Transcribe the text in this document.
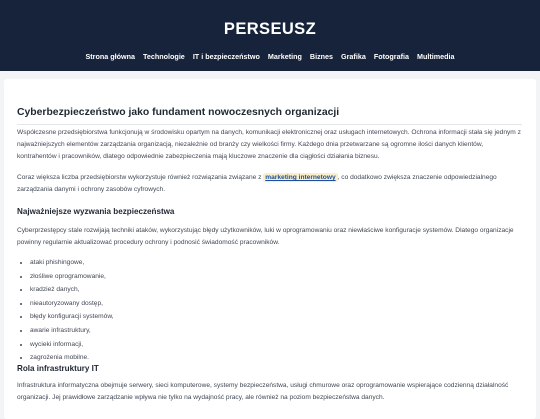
PERSEUSZ
Strona główna Technologie IT i bezpieczeństwo Marketing Biznes Grafika Fotografia Multimedia
Cyberbezpieczeństwo jako fundament nowoczesnych organizacji

Współczesne przedsiębiorstwa funkcjonują w środowisku opartym na danych, komunikacji elektronicznej oraz usługach internetowych. Ochrona informacji stała się jednym z najważniejszych elementów zarządzania organizacją, niezależnie od branży czy wielkości firmy. Każdego dnia przetwarzane są ogromne ilości danych klientów, kontrahentów i pracowników, dlatego odpowiednie zabezpieczenia mają kluczowe znaczenie dla ciągłości działania biznesu.

Coraz większa liczba przedsiębiorstw wykorzystuje również rozwiązania związane z marketing internetowy , co dodatkowo zwiększa znaczenie odpowiedzialnego zarządzania danymi i ochrony zasobów cyfrowych.

Najważniejsze wyzwania bezpieczeństwa

Cyberprzestępcy stale rozwijają techniki ataków, wykorzystując błędy użytkowników, luki w oprogramowaniu oraz niewłaściwe konfiguracje systemów. Dlatego organizacje powinny regularnie aktualizować procedury ochrony i podnosić świadomość pracowników.

• ataki phishingowe,
• złośliwe oprogramowanie,
• kradzież danych,
• nieautoryzowany dostęp,
• błędy konfiguracji systemów,
• awarie infrastruktury,
• wycieki informacji,
• zagrożenia mobilne.
Rola infrastruktury IT

Infrastruktura informatyczna obejmuje serwery, sieci komputerowe, systemy bezpieczeństwa, usługi chmurowe oraz oprogramowanie wspierające codzienną działalność organizacji. Jej prawidłowe zarządzanie wpływa nie tylko na wydajność pracy, ale również na poziom bezpieczeństwa danych.
